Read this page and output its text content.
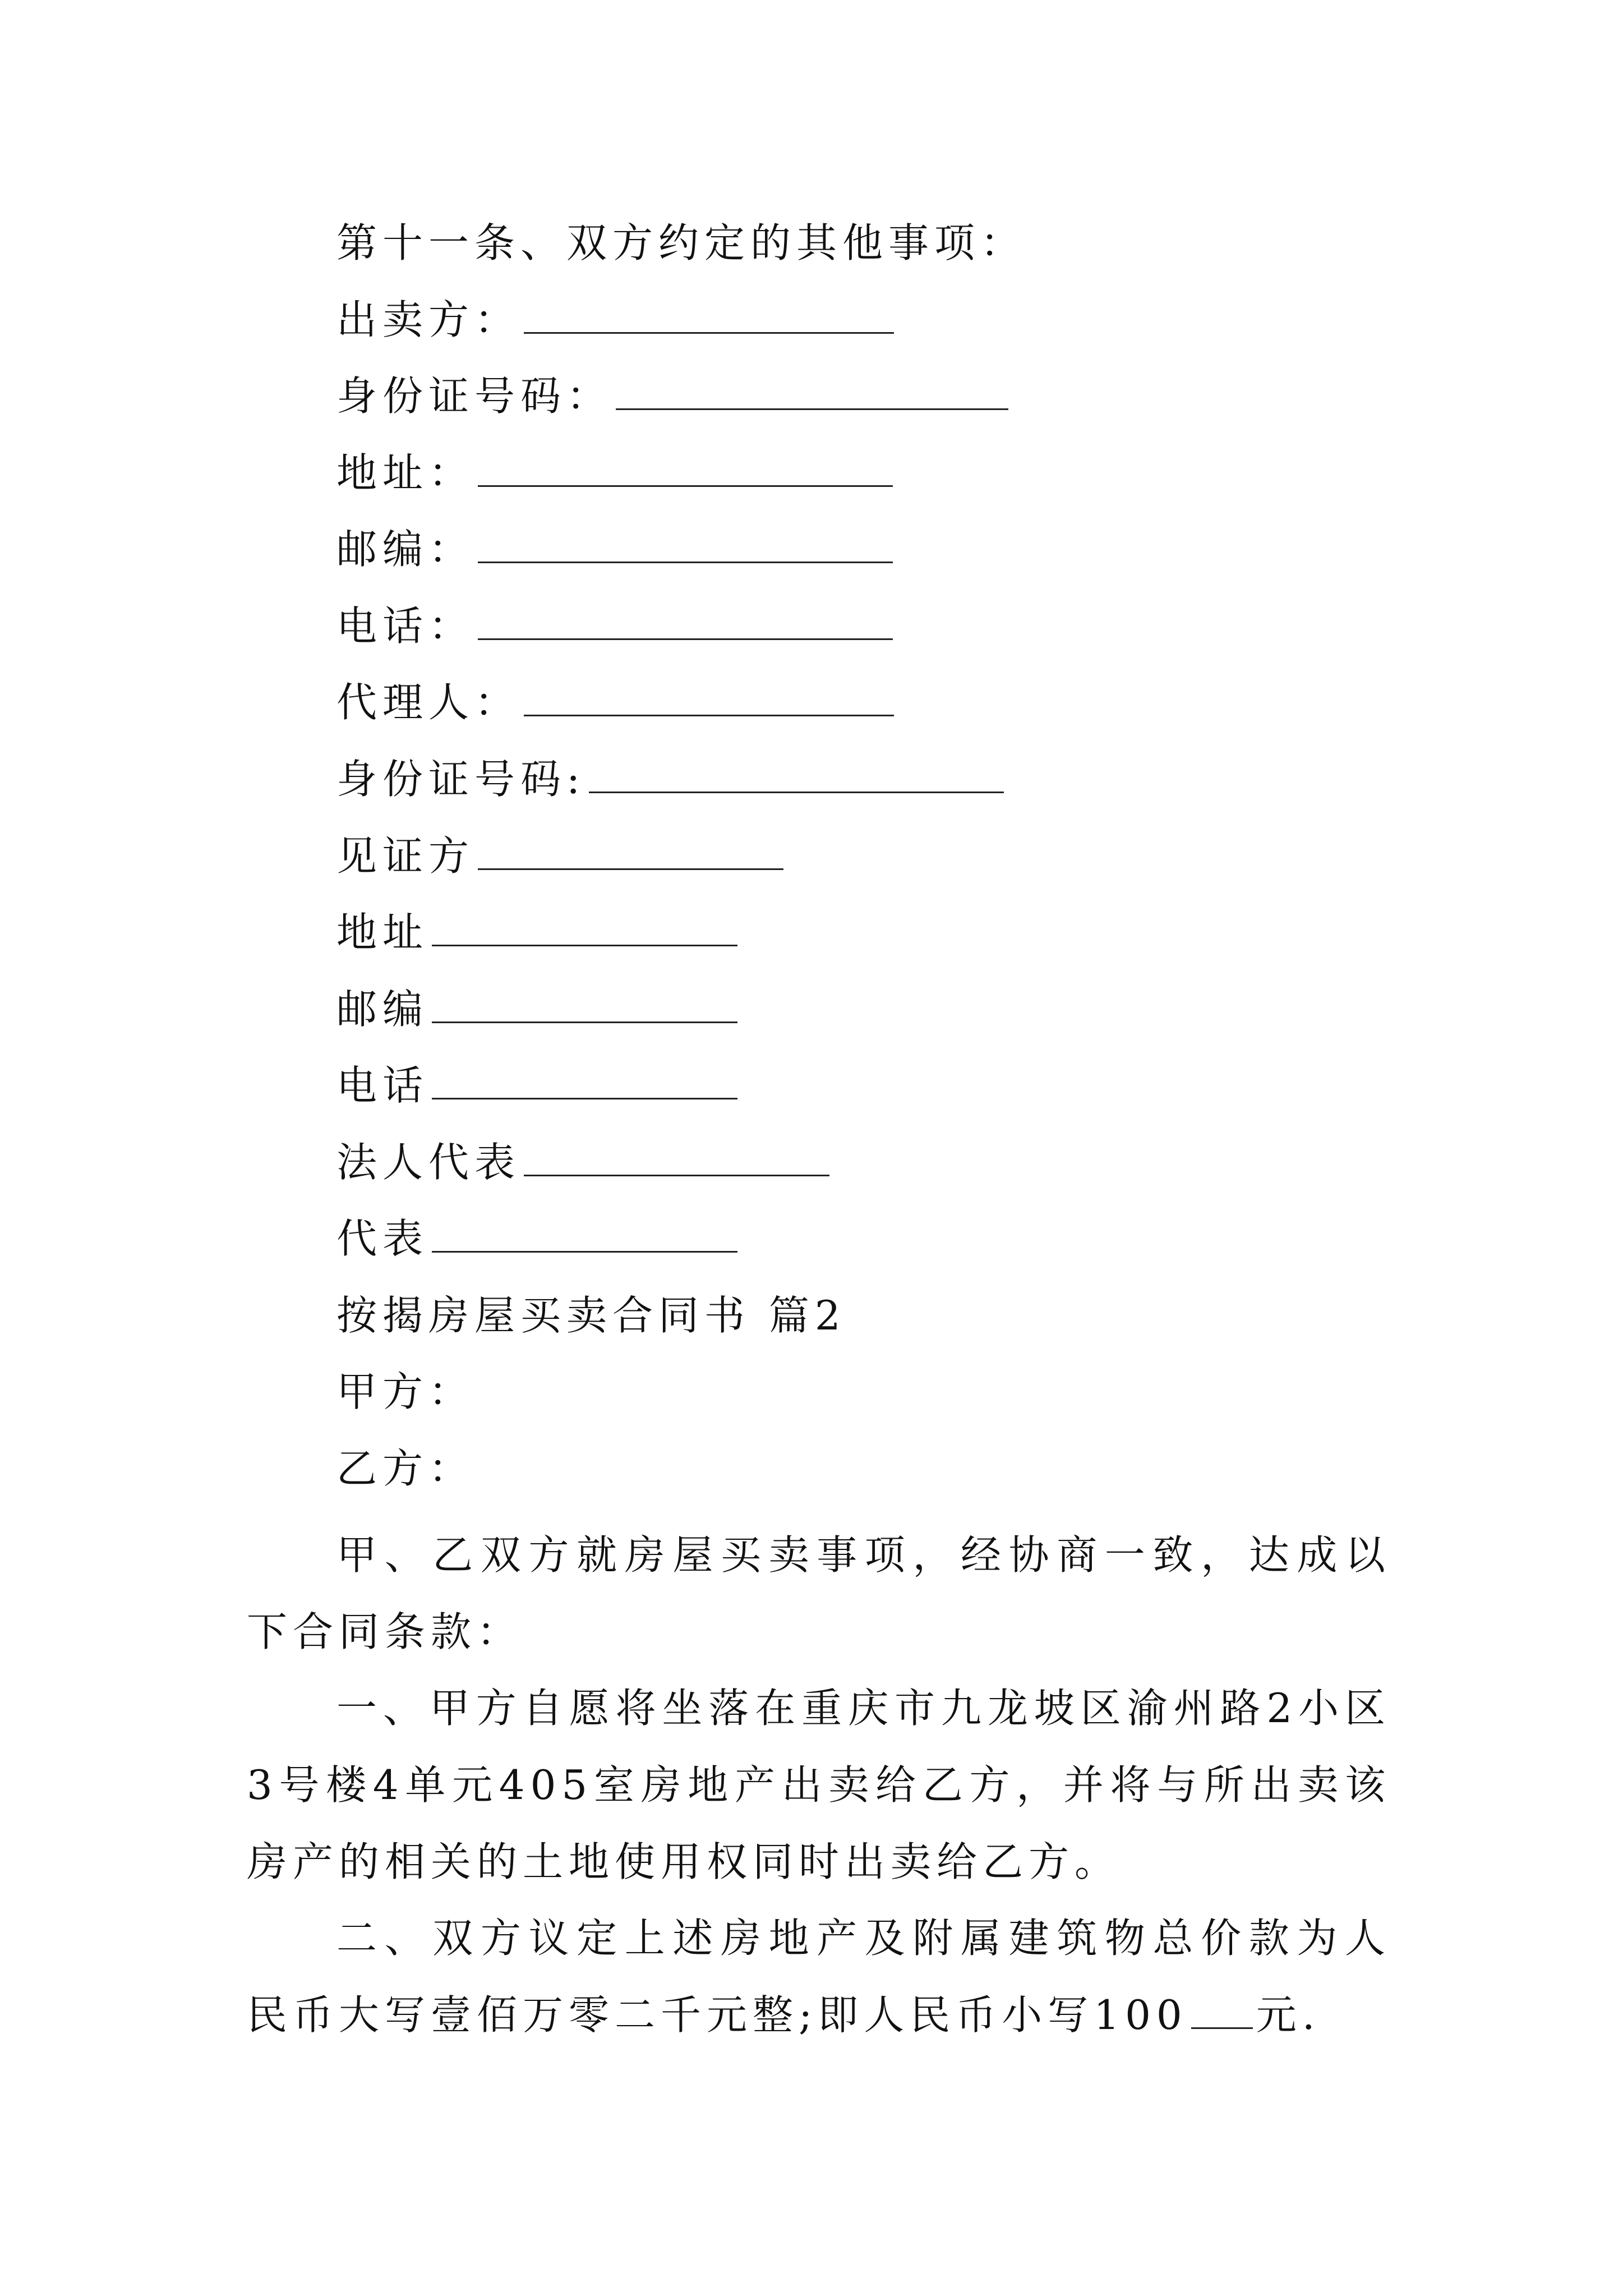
第十一条、双方约定的其他事项：
出卖方：
身份证号码：
地址：
邮编：
电话：
代理人：
身份证号码:
见证方
地址
邮编
电话
法人代表
代表
按揭房屋买卖合同书 篇2
甲方：
乙方：
甲、乙双方就房屋买卖事项，经协商一致，达成以下合同条款：
一、甲方自愿将坐落在重庆市九龙坡区渝州路2小区3号楼4单元405室房地产出卖给乙方，并将与所出卖该房产的相关的土地使用权同时出卖给乙方。
二、双方议定上述房地产及附属建筑物总价款为人民币大写壹佰万零二千元整;即人民币小写100 元.
